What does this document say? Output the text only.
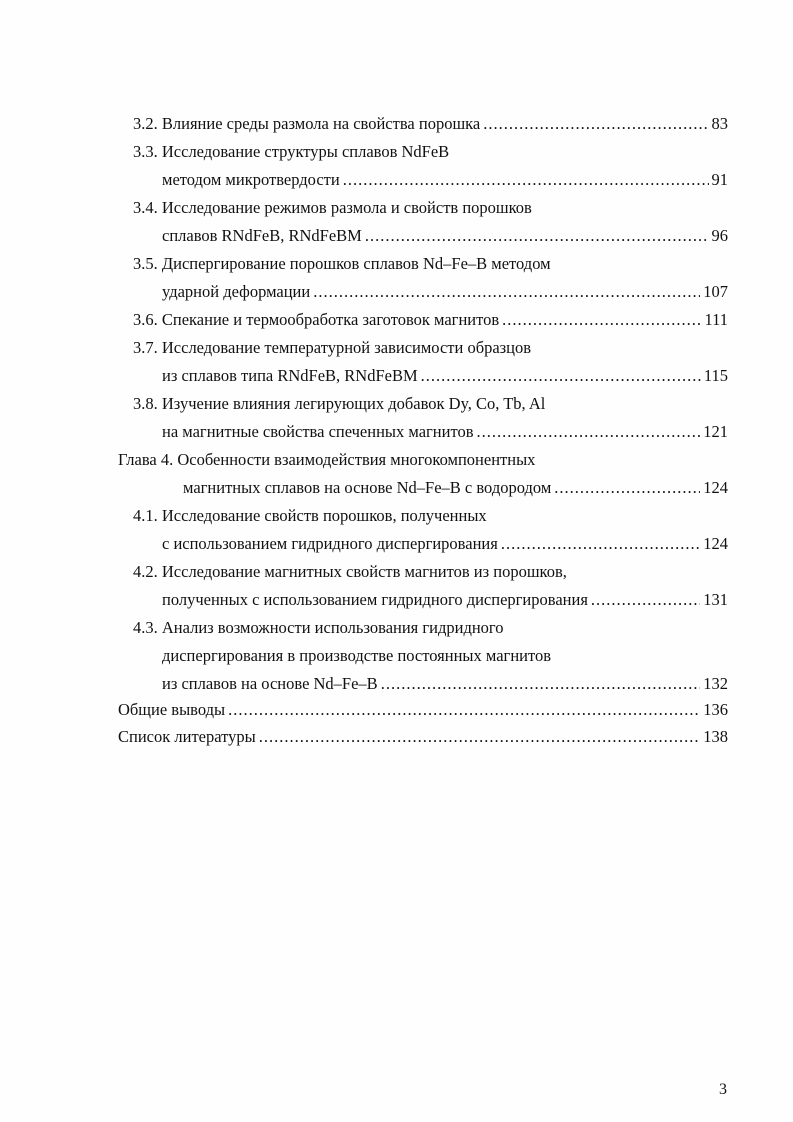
3.2. Влияние среды размола на свойства порошка .....	83
3.3. Исследование структуры сплавов NdFeB
методом микротвердости .....	91
3.4. Исследование режимов размола и свойств порошков
сплавов RNdFeB, RNdFeBM .....	96
3.5. Диспергирование порошков сплавов Nd–Fe–B методом
ударной деформации .....	107
3.6. Спекание и термообработка заготовок магнитов .....	111
3.7. Исследование температурной зависимости образцов
из сплавов типа RNdFeB, RNdFeBM .....	115
3.8. Изучение влияния легирующих добавок Dy, Co, Tb, Al
на магнитные свойства спеченных магнитов .....	121
Глава 4. Особенности взаимодействия многокомпонентных
магнитных сплавов на основе Nd–Fe–B с водородом .....	124
4.1. Исследование свойств порошков, полученных
с использованием гидридного диспергирования .....	124
4.2. Исследование магнитных свойств магнитов из порошков,
полученных с использованием гидридного диспергирования .....	131
4.3. Анализ возможности использования гидридного
диспергирования в производстве постоянных магнитов
из сплавов на основе Nd–Fe–B .....	132
Общие выводы .....	136
Список литературы .....	138
3
